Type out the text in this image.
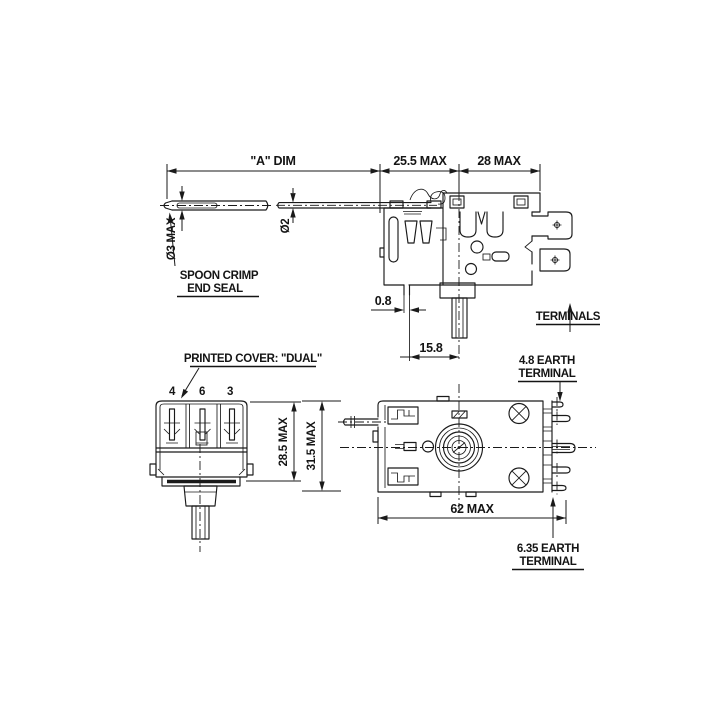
"A" DIM	25.5 MAX 28 MAX
Ø3 MAX	Ø2
SPOON CRIMP
END SEAL
0.8
15.8
TERMINALS
PRINTED COVER: "DUAL"
4 6 3
28.5 MAX 31.5 MAX
62 MAX
4.8 EARTH
TERMINAL
6.35 EARTH
TERMINAL
